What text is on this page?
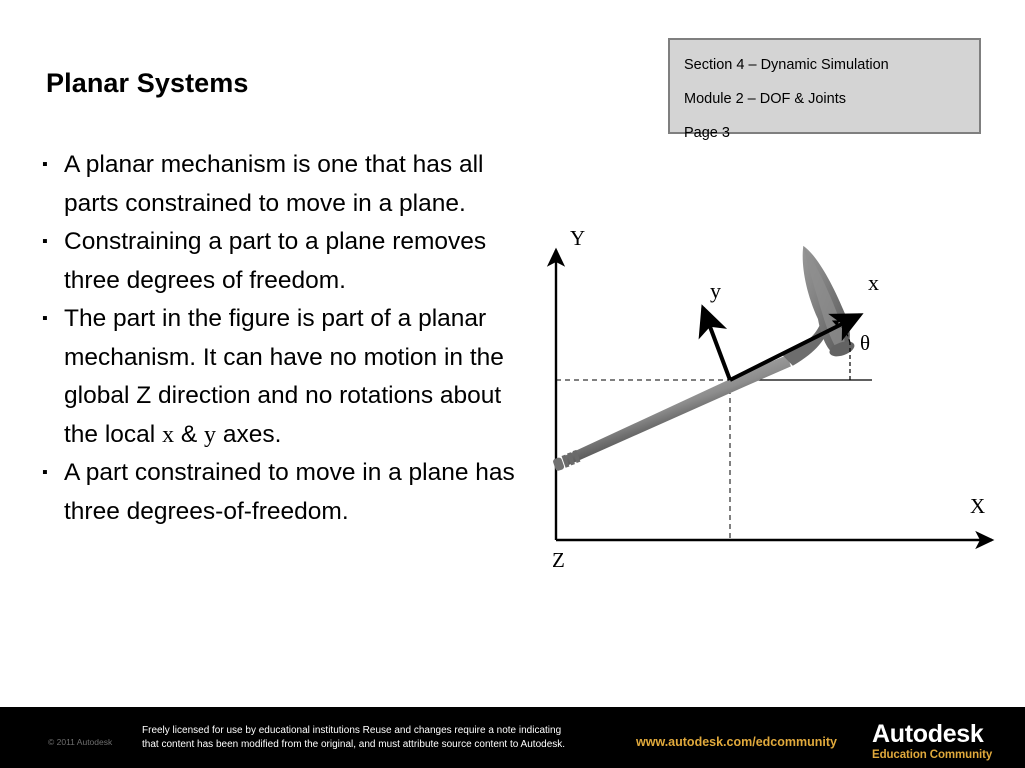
Section 4 – Dynamic Simulation
Module 2 – DOF & Joints
Page 3
Planar Systems
▪ A planar mechanism is one that has all parts constrained to move in a plane.
▪ Constraining a part to a plane removes three degrees of freedom.
▪ The part in the figure is part of a planar mechanism. It can have no motion in the global Z direction and no rotations about the local x & y axes.
▪ A part constrained to move in a plane has three degrees-of-freedom.
Y
X
Z
x
y
θ
© 2011 Autodesk
Freely licensed for use by educational institutions Reuse and changes require a note indicating
that content has been modified from the original, and must attribute source content to Autodesk.	www.autodesk.com/edcommunity Autodesk
Education Community
